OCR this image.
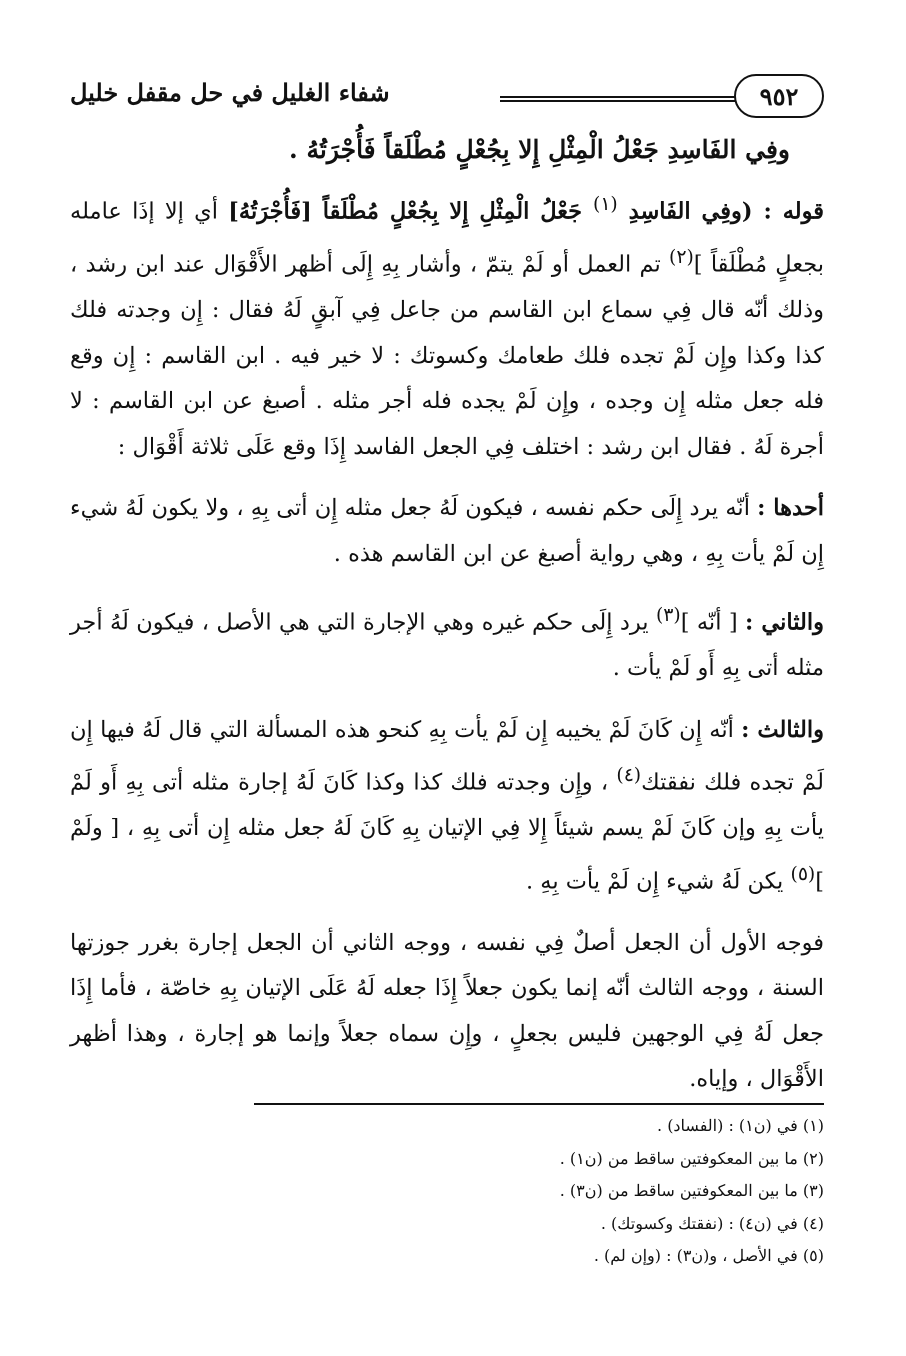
٩٥٢
شفاء الغليل في حل مقفل خليل

وفِي الفَاسِدِ جَعْلُ الْمِثْلِ إِلا بِجُعْلٍ مُطْلَقاً فَأُجْرَتُهُ .

قوله : (وفِي الفَاسِدِ $^{(١)}$ جَعْلُ الْمِثْلِ إِلا بِجُعْلٍ مُطْلَقاً [فَأُجْرَتُهُ] أي إلا إذَا عامله بجعلٍ مُطْلَقاً ]$^{(٢)}$ تم العمل أو لَمْ يتمّ ، وأشار بِهِ إِلَى أظهر الأَقْوَال عند ابن رشد ، وذلك أنّه قال فِي سماع ابن القاسم من جاعل فِي آبقٍ لَهُ فقال : إِن وجدته فلك كذا وكذا وإِن لَمْ تجده فلك طعامك وكسوتك : لا خير فيه . ابن القاسم : إِن وقع فله جعل مثله إِن وجده ، وإِن لَمْ يجده فله أجر مثله . أصبغ عن ابن القاسم : لا أجرة لَهُ . فقال ابن رشد : اختلف فِي الجعل الفاسد إِذَا وقع عَلَى ثلاثة أَقْوَال :

أحدها : أنّه يرد إِلَى حكم نفسه ، فيكون لَهُ جعل مثله إِن أتى بِهِ ، ولا يكون لَهُ شيء إِن لَمْ يأت بِهِ ، وهي رواية أصبغ عن ابن القاسم هذه .

والثاني : [ أنّه ]$^{(٣)}$ يرد إِلَى حكم غيره وهي الإجارة التي هي الأصل ، فيكون لَهُ أجر مثله أتى بِهِ أَو لَمْ يأت .

والثالث : أنّه إِن كَانَ لَمْ يخيبه إِن لَمْ يأت بِهِ كنحو هذه المسألة التي قال لَهُ فيها إِن لَمْ تجده فلك نفقتك$^{(٤)}$ ، وإِن وجدته فلك كذا وكذا كَانَ لَهُ إجارة مثله أتى بِهِ أَو لَمْ يأت بِهِ وإن كَانَ لَمْ يسم شيئاً إِلا فِي الإتيان بِهِ كَانَ لَهُ جعل مثله إِن أتى بِهِ ، [ ولَمْ ]$^{(٥)}$ يكن لَهُ شيء إِن لَمْ يأت بِهِ .

فوجه الأول أن الجعل أصلٌ فِي نفسه ، ووجه الثاني أن الجعل إجارة بغرر جوزتها السنة ، ووجه الثالث أنّه إنما يكون جعلاً إِذَا جعله لَهُ عَلَى الإتيان بِهِ خاصّة ، فأما إِذَا جعل لَهُ فِي الوجهين فليس بجعلٍ ، وإِن سماه جعلاً وإنما هو إجارة ، وهذا أظهر الأَقْوَال ، وإياه.

(١) في (ن١) : (الفساد) .

(٢) ما بين المعكوفتين ساقط من (ن١) .

(٣) ما بين المعكوفتين ساقط من (ن٣) .

(٤) في (ن٤) : (نفقتك وكسوتك) .

(٥) في الأصل ، و(ن٣) : (وإن لم) .
